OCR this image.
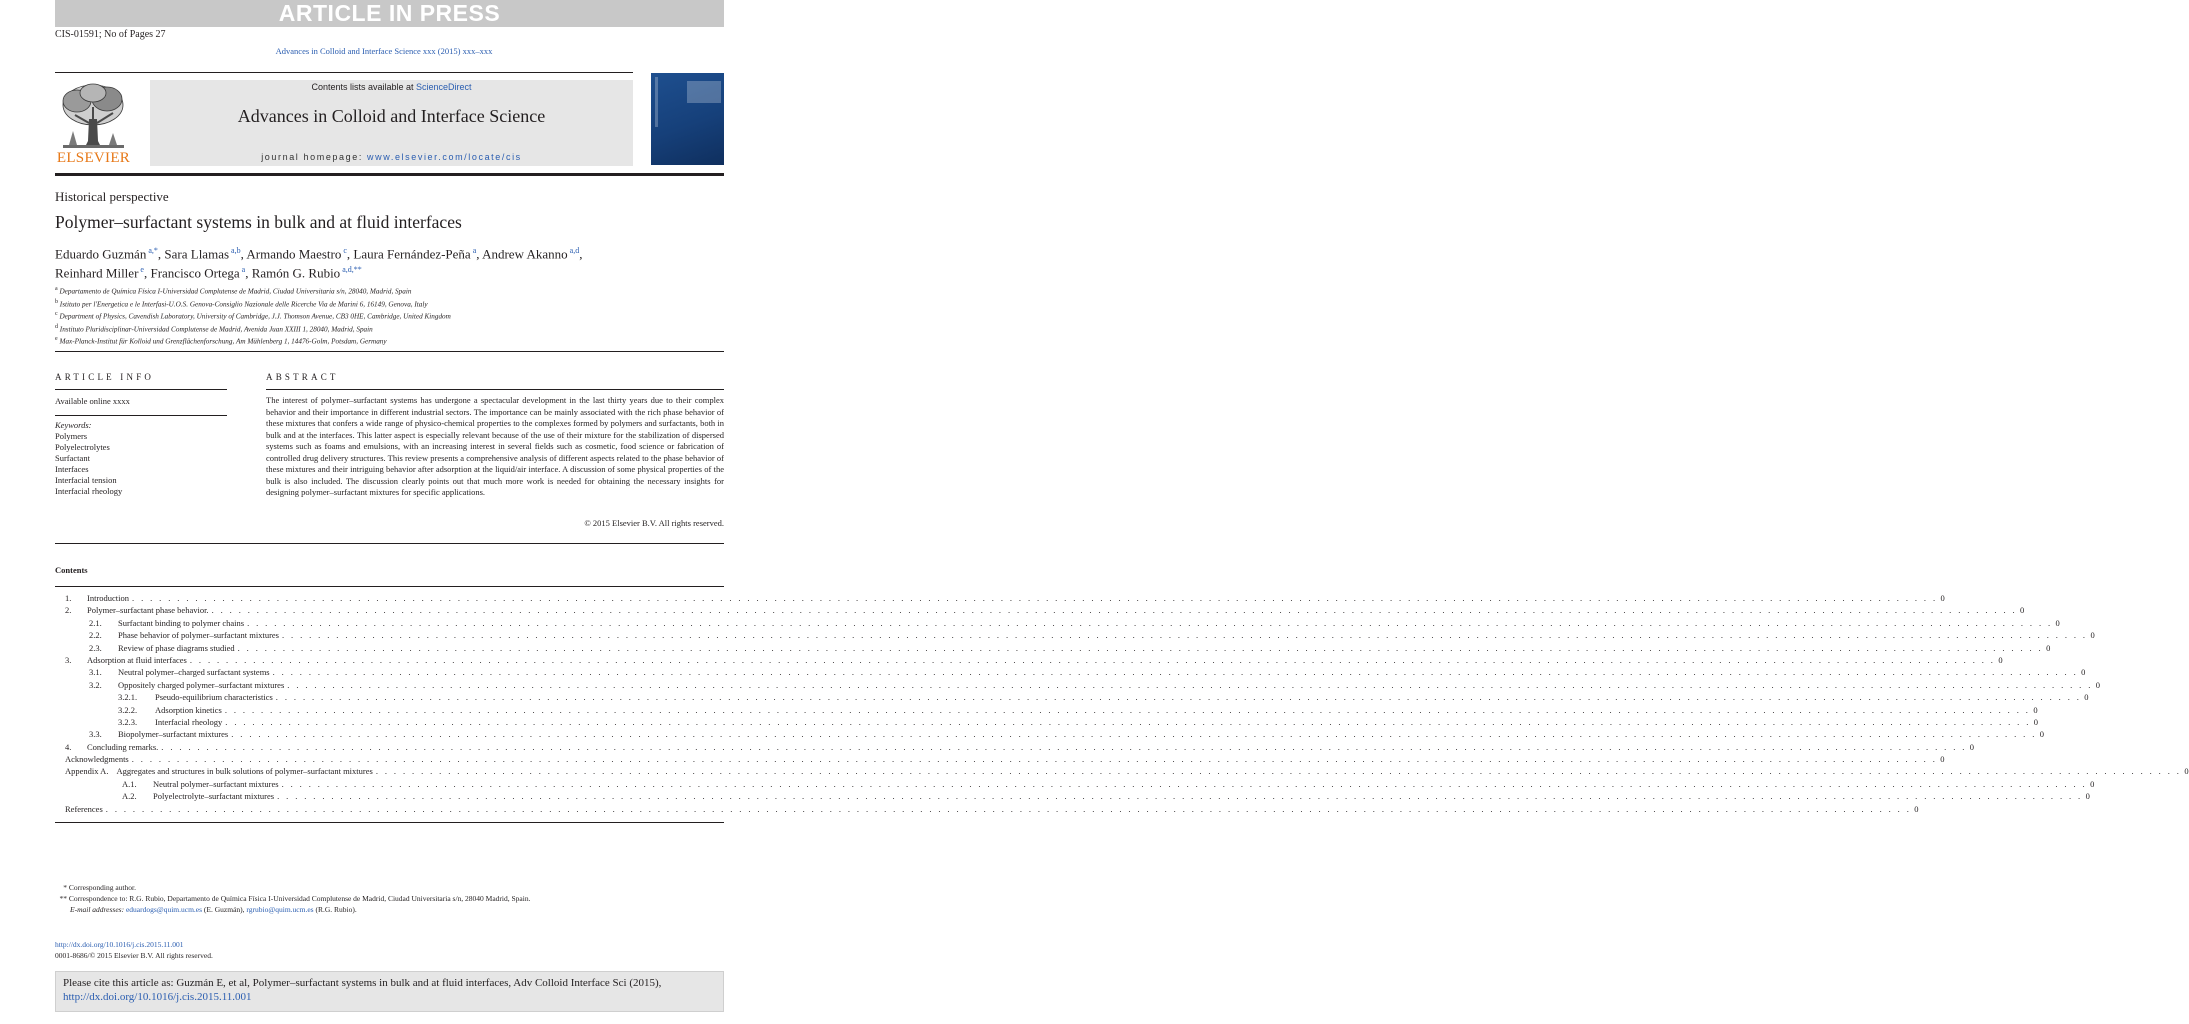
ARTICLE IN PRESS
CIS-01591; No of Pages 27
Advances in Colloid and Interface Science xxx (2015) xxx–xxx
ELSEVIER
Contents lists available at ScienceDirect
Advances in Colloid and Interface Science
journal homepage: www.elsevier.com/locate/cis
Historical perspective
Polymer–surfactant systems in bulk and at fluid interfaces
Eduardo Guzmán $^{a,*}$, Sara Llamas $^{a,b}$, Armando Maestro $^c$, Laura Fernández-Peña $^a$, Andrew Akanno $^{a,d}$,
Reinhard Miller $^e$, Francisco Ortega $^a$, Ramón G. Rubio $^{a,d,**}$
$^a$ Departamento de Química Física I-Universidad Complutense de Madrid, Ciudad Universitaria s/n, 28040, Madrid, Spain
$^b$ Istituto per l'Energetica e le Interfasi-U.O.S. Genova-Consiglio Nazionale delle Ricerche Via de Marini 6, 16149, Genova, Italy
$^c$ Department of Physics, Cavendish Laboratory, University of Cambridge, J.J. Thomson Avenue, CB3 0HE, Cambridge, United Kingdom
$^d$ Instituto Pluridisciplinar-Universidad Complutense de Madrid, Avenida Juan XXIII 1, 28040, Madrid, Spain
$^e$ Max-Planck-Institut für Kolloid und Grenzflächenforschung, Am Mühlenberg 1, 14476-Golm, Potsdam, Germany
ARTICLE INFO
Available online xxxx
Keywords:
Polymers
Polyelectrolytes
Surfactant
Interfaces
Interfacial tension
Interfacial rheology
ABSTRACT
The interest of polymer–surfactant systems has undergone a spectacular development in the last thirty years due to their complex behavior and their importance in different industrial sectors. The importance can be mainly associated with the rich phase behavior of these mixtures that confers a wide range of physico-chemical properties to the complexes formed by polymers and surfactants, both in bulk and at the interfaces. This latter aspect is especially relevant because of the use of their mixture for the stabilization of dispersed systems such as foams and emulsions, with an increasing interest in several fields such as cosmetic, food science or fabrication of controlled drug delivery structures. This review presents a comprehensive analysis of different aspects related to the phase behavior of these mixtures and their intriguing behavior after adsorption at the liquid/air interface. A discussion of some physical properties of the bulk is also included. The discussion clearly points out that much more work is needed for obtaining the necessary insights for designing polymer–surfactant mixtures for specific applications.
© 2015 Elsevier B.V. All rights reserved.
Contents
1. Introduction . . . . . . . . . . . . . . . . . . . . . . . . . . . . . . . . . . . . . . . . . . . . . . . . . . . . . . . . . . . . . . . . . . . . . . . . . . . . . . . . . . . . . . . . . . . . . . . . . . . . . . . . . . . . . . . . . . . . . . . . . . . . . . . . . . . . . . . . . . . . . . . . . . . . . . . . . . . . . . . . . . . . . . . . . . . . . . . . . . . . . . . . . . . . . . . . . . . . . . . . 0
2. Polymer–surfactant phase behavior. . . . . . . . . . . . . . . . . . . . . . . . . . . . . . . . . . . . . . . . . . . . . . . . . . . . . . . . . . . . . . . . . . . . . . . . . . . . . . . . . . . . . . . . . . . . . . . . . . . . . . . . . . . . . . . . . . . . . . . . . . . . . . . . . . . . . . . . . . . . . . . . . . . . . . . . . . . . . . . . . . . . . . . . . . . . . . . . . . . . . . . . . . . . . . . . . . . . . . . . . 0
2.1. Surfactant binding to polymer chains . . . . . . . . . . . . . . . . . . . . . . . . . . . . . . . . . . . . . . . . . . . . . . . . . . . . . . . . . . . . . . . . . . . . . . . . . . . . . . . . . . . . . . . . . . . . . . . . . . . . . . . . . . . . . . . . . . . . . . . . . . . . . . . . . . . . . . . . . . . . . . . . . . . . . . . . . . . . . . . . . . . . . . . . . . . . . . . . . . . . . . . . . . . . . . . . . . . . . . . . 0
2.2. Phase behavior of polymer–surfactant mixtures . . . . . . . . . . . . . . . . . . . . . . . . . . . . . . . . . . . . . . . . . . . . . . . . . . . . . . . . . . . . . . . . . . . . . . . . . . . . . . . . . . . . . . . . . . . . . . . . . . . . . . . . . . . . . . . . . . . . . . . . . . . . . . . . . . . . . . . . . . . . . . . . . . . . . . . . . . . . . . . . . . . . . . . . . . . . . . . . . . . . . . . . . . . . . . . . . . . . . . . . 0
2.3. Review of phase diagrams studied . . . . . . . . . . . . . . . . . . . . . . . . . . . . . . . . . . . . . . . . . . . . . . . . . . . . . . . . . . . . . . . . . . . . . . . . . . . . . . . . . . . . . . . . . . . . . . . . . . . . . . . . . . . . . . . . . . . . . . . . . . . . . . . . . . . . . . . . . . . . . . . . . . . . . . . . . . . . . . . . . . . . . . . . . . . . . . . . . . . . . . . . . . . . . . . . . . . . . . . . 0
3. Adsorption at fluid interfaces . . . . . . . . . . . . . . . . . . . . . . . . . . . . . . . . . . . . . . . . . . . . . . . . . . . . . . . . . . . . . . . . . . . . . . . . . . . . . . . . . . . . . . . . . . . . . . . . . . . . . . . . . . . . . . . . . . . . . . . . . . . . . . . . . . . . . . . . . . . . . . . . . . . . . . . . . . . . . . . . . . . . . . . . . . . . . . . . . . . . . . . . . . . . . . . . . . . . . . . . 0
3.1. Neutral polymer–charged surfactant systems . . . . . . . . . . . . . . . . . . . . . . . . . . . . . . . . . . . . . . . . . . . . . . . . . . . . . . . . . . . . . . . . . . . . . . . . . . . . . . . . . . . . . . . . . . . . . . . . . . . . . . . . . . . . . . . . . . . . . . . . . . . . . . . . . . . . . . . . . . . . . . . . . . . . . . . . . . . . . . . . . . . . . . . . . . . . . . . . . . . . . . . . . . . . . . . . . . . . . . . . 0
3.2. Oppositely charged polymer–surfactant mixtures . . . . . . . . . . . . . . . . . . . . . . . . . . . . . . . . . . . . . . . . . . . . . . . . . . . . . . . . . . . . . . . . . . . . . . . . . . . . . . . . . . . . . . . . . . . . . . . . . . . . . . . . . . . . . . . . . . . . . . . . . . . . . . . . . . . . . . . . . . . . . . . . . . . . . . . . . . . . . . . . . . . . . . . . . . . . . . . . . . . . . . . . . . . . . . . . . . . . . . . . 0
3.2.1. Pseudo-equilibrium characteristics . . . . . . . . . . . . . . . . . . . . . . . . . . . . . . . . . . . . . . . . . . . . . . . . . . . . . . . . . . . . . . . . . . . . . . . . . . . . . . . . . . . . . . . . . . . . . . . . . . . . . . . . . . . . . . . . . . . . . . . . . . . . . . . . . . . . . . . . . . . . . . . . . . . . . . . . . . . . . . . . . . . . . . . . . . . . . . . . . . . . . . . . . . . . . . . . . . . . . . . . 0
3.2.2. Adsorption kinetics . . . . . . . . . . . . . . . . . . . . . . . . . . . . . . . . . . . . . . . . . . . . . . . . . . . . . . . . . . . . . . . . . . . . . . . . . . . . . . . . . . . . . . . . . . . . . . . . . . . . . . . . . . . . . . . . . . . . . . . . . . . . . . . . . . . . . . . . . . . . . . . . . . . . . . . . . . . . . . . . . . . . . . . . . . . . . . . . . . . . . . . . . . . . . . . . . . . . . . . . 0
3.2.3. Interfacial rheology . . . . . . . . . . . . . . . . . . . . . . . . . . . . . . . . . . . . . . . . . . . . . . . . . . . . . . . . . . . . . . . . . . . . . . . . . . . . . . . . . . . . . . . . . . . . . . . . . . . . . . . . . . . . . . . . . . . . . . . . . . . . . . . . . . . . . . . . . . . . . . . . . . . . . . . . . . . . . . . . . . . . . . . . . . . . . . . . . . . . . . . . . . . . . . . . . . . . . . . . 0
3.3. Biopolymer–surfactant mixtures . . . . . . . . . . . . . . . . . . . . . . . . . . . . . . . . . . . . . . . . . . . . . . . . . . . . . . . . . . . . . . . . . . . . . . . . . . . . . . . . . . . . . . . . . . . . . . . . . . . . . . . . . . . . . . . . . . . . . . . . . . . . . . . . . . . . . . . . . . . . . . . . . . . . . . . . . . . . . . . . . . . . . . . . . . . . . . . . . . . . . . . . . . . . . . . . . . . . . . . . 0
4. Concluding remarks. . . . . . . . . . . . . . . . . . . . . . . . . . . . . . . . . . . . . . . . . . . . . . . . . . . . . . . . . . . . . . . . . . . . . . . . . . . . . . . . . . . . . . . . . . . . . . . . . . . . . . . . . . . . . . . . . . . . . . . . . . . . . . . . . . . . . . . . . . . . . . . . . . . . . . . . . . . . . . . . . . . . . . . . . . . . . . . . . . . . . . . . . . . . . . . . . . . . . . . . . 0
Acknowledgments . . . . . . . . . . . . . . . . . . . . . . . . . . . . . . . . . . . . . . . . . . . . . . . . . . . . . . . . . . . . . . . . . . . . . . . . . . . . . . . . . . . . . . . . . . . . . . . . . . . . . . . . . . . . . . . . . . . . . . . . . . . . . . . . . . . . . . . . . . . . . . . . . . . . . . . . . . . . . . . . . . . . . . . . . . . . . . . . . . . . . . . . . . . . . . . . . . . . . . . . 0
Appendix A. Aggregates and structures in bulk solutions of polymer–surfactant mixtures . . . . . . . . . . . . . . . . . . . . . . . . . . . . . . . . . . . . . . . . . . . . . . . . . . . . . . . . . . . . . . . . . . . . . . . . . . . . . . . . . . . . . . . . . . . . . . . . . . . . . . . . . . . . . . . . . . . . . . . . . . . . . . . . . . . . . . . . . . . . . . . . . . . . . . . . . . . . . . . . . . . . . . . . . . . . . . . . . . . . . . . . . . . . . . . . . . . . . . . . 0
A.1. Neutral polymer–surfactant mixtures . . . . . . . . . . . . . . . . . . . . . . . . . . . . . . . . . . . . . . . . . . . . . . . . . . . . . . . . . . . . . . . . . . . . . . . . . . . . . . . . . . . . . . . . . . . . . . . . . . . . . . . . . . . . . . . . . . . . . . . . . . . . . . . . . . . . . . . . . . . . . . . . . . . . . . . . . . . . . . . . . . . . . . . . . . . . . . . . . . . . . . . . . . . . . . . . . . . . . . . . 0
A.2. Polyelectrolyte–surfactant mixtures . . . . . . . . . . . . . . . . . . . . . . . . . . . . . . . . . . . . . . . . . . . . . . . . . . . . . . . . . . . . . . . . . . . . . . . . . . . . . . . . . . . . . . . . . . . . . . . . . . . . . . . . . . . . . . . . . . . . . . . . . . . . . . . . . . . . . . . . . . . . . . . . . . . . . . . . . . . . . . . . . . . . . . . . . . . . . . . . . . . . . . . . . . . . . . . . . . . . . . . . 0
References . . . . . . . . . . . . . . . . . . . . . . . . . . . . . . . . . . . . . . . . . . . . . . . . . . . . . . . . . . . . . . . . . . . . . . . . . . . . . . . . . . . . . . . . . . . . . . . . . . . . . . . . . . . . . . . . . . . . . . . . . . . . . . . . . . . . . . . . . . . . . . . . . . . . . . . . . . . . . . . . . . . . . . . . . . . . . . . . . . . . . . . . . . . . . . . . . . . . . . . . 0
* Corresponding author.
** Correspondence to: R.G. Rubio, Departamento de Química Física I-Universidad Complutense de Madrid, Ciudad Universitaria s/n, 28040 Madrid, Spain.
E-mail addresses: eduardogs@quim.ucm.es (E. Guzmán), rgrubio@quim.ucm.es (R.G. Rubio).
http://dx.doi.org/10.1016/j.cis.2015.11.001
0001-8686/© 2015 Elsevier B.V. All rights reserved.
Please cite this article as: Guzmán E, et al, Polymer–surfactant systems in bulk and at fluid interfaces, Adv Colloid Interface Sci (2015), http://dx.doi.org/10.1016/j.cis.2015.11.001
